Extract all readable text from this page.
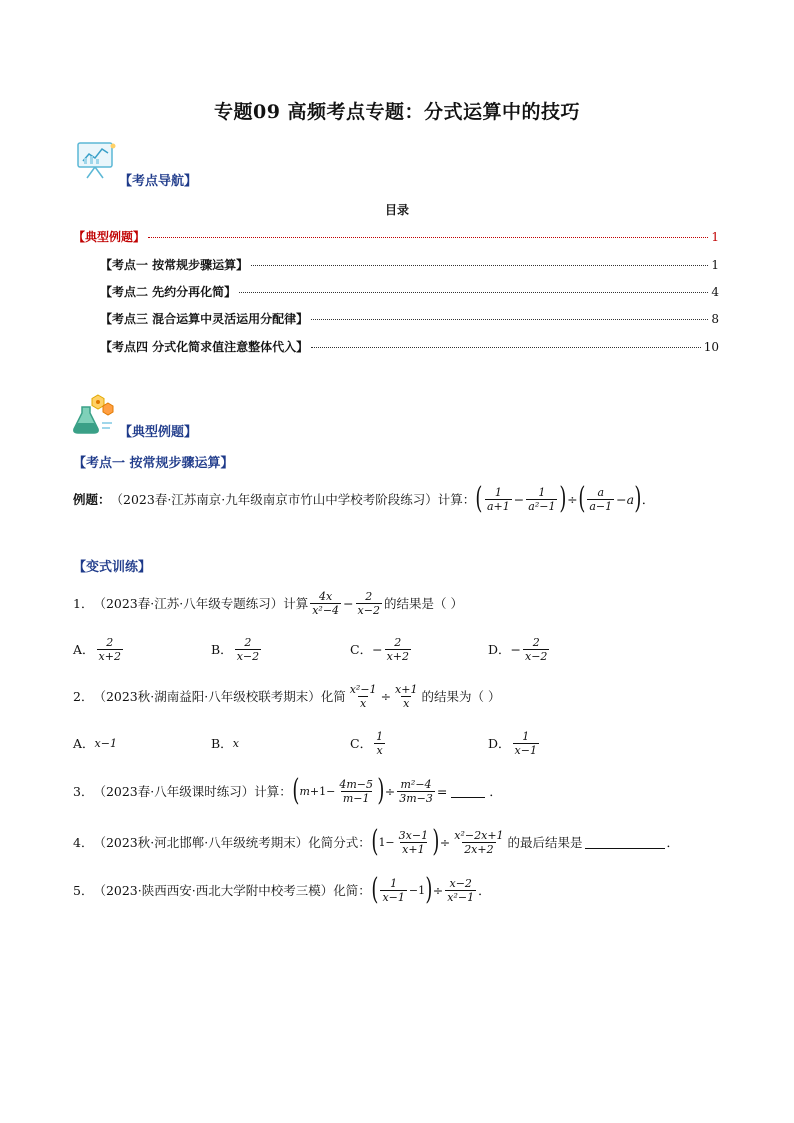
专题09 高频考点专题：分式运算中的技巧
【考点导航】
目录
【典型例题】	1
【考点一 按常规步骤运算】	1
【考点二 先约分再化简】	4
【考点三 混合运算中灵活运用分配律】	8
【考点四 分式化简求值注意整体代入】	10
【典型例题】
【考点一 按常规步骤运算】
例题： （2023春·江苏南京·九年级南京市竹山中学校考阶段练习）计算： ( 1
$a+1 - \frac{1}{\text{a²−1}}$ ) ÷ ( a
a−1 − a ) ．
【变式训练】
1． （2023春·江苏·八年级专题练习）计算 4x
$x^2-4 - \frac{2}{x-2}$ 的结果是（ ）
A． 2
x+2	B． 2
x−2	C． − $\frac{2}{x+2}$	D． − $\frac{2}{x-2}$
2． （2023秋·湖南益阳·八年级校联考期末）化简 $\frac{\text{x²−1}}{x} \div \frac{x+1}{x}$ 的结果为（ ）
A． x−1	B． x	C． 1
x	D． 1
x−1
3． （2023春·八年级课时练习）计算： ( $m +1- \frac{4m-5}{m-1}$ ) ÷ $\frac{\text{m²−4}}{3m-3}$ =	．
4． （2023秋·河北邯郸·八年级统考期末）化简分式： ( $1- \frac{3x-1}{x+1}$ ) ÷ $\frac{\text{x²−2x+1}}{2x+2}$ 的最后结果是	．
5． （2023·陕西西安·西北大学附中校考三模）化简： ( 1
x−1
−1 ) ÷ $\frac{x-2}{\text{x²−1}}$ ．
